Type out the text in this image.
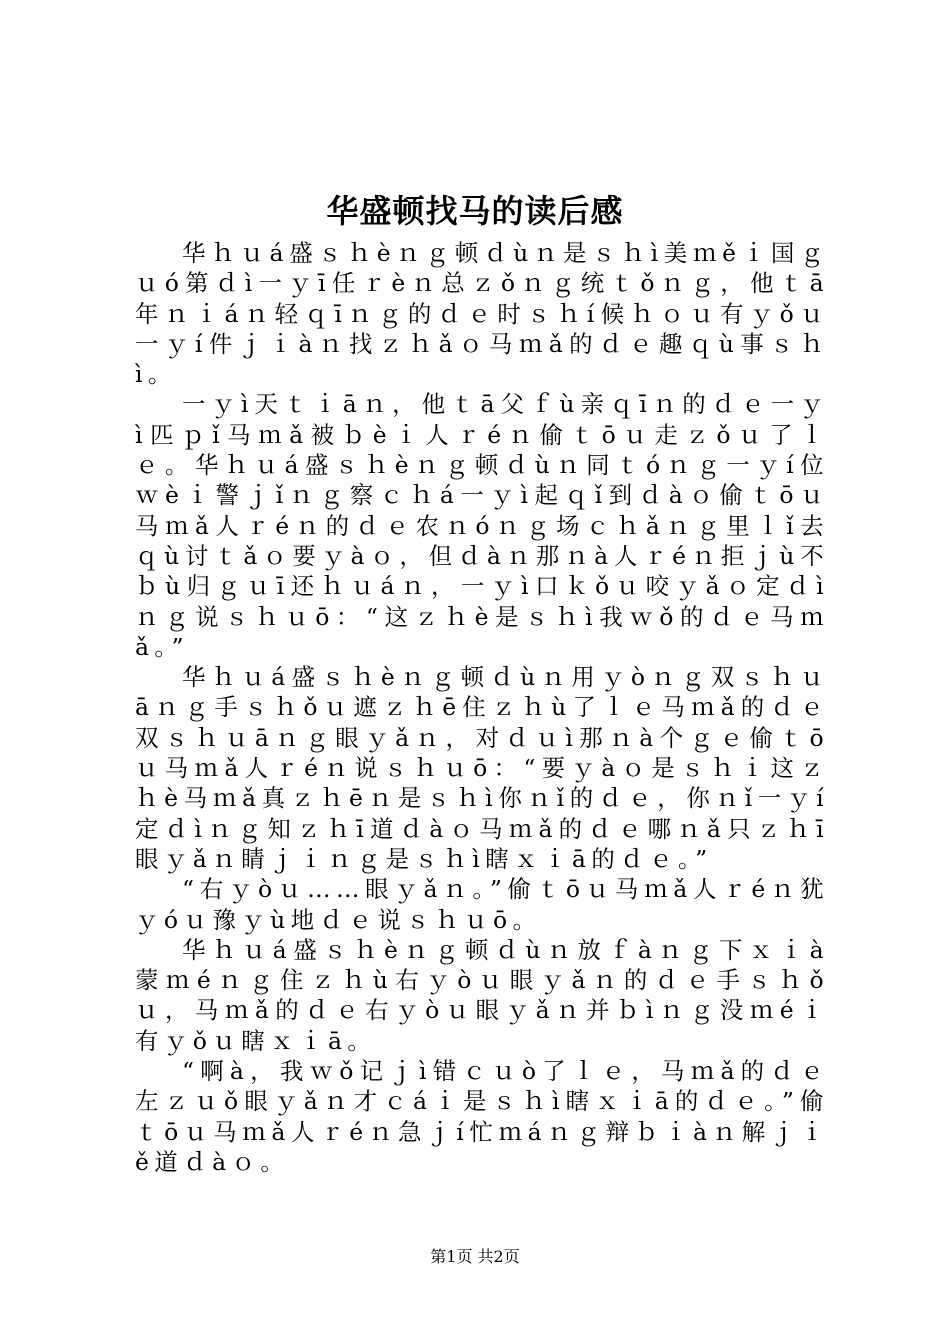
华盛顿找马的读后感

华ｈｕá盛ｓｈèｎｇ顿ｄùｎ是ｓｈì美ｍěｉ国ｇｕó第ｄì一ｙī任ｒèｎ总ｚǒｎｇ统ｔǒｎｇ，他ｔā年ｎｉáｎ轻ｑīｎｇ的ｄｅ时ｓｈí候ｈｏｕ有ｙǒｕ一ｙí件ｊｉàｎ找ｚｈǎｏ马ｍǎ的ｄｅ趣ｑù事ｓｈì。

一ｙì天ｔｉāｎ，他ｔā父ｆù亲ｑīｎ的ｄｅ一ｙì匹ｐǐ马ｍǎ被ｂèｉ人ｒéｎ偷ｔōｕ走ｚǒｕ了ｌｅ。华ｈｕá盛ｓｈèｎｇ顿ｄùｎ同ｔóｎｇ一ｙí位ｗèｉ警ｊǐｎｇ察ｃｈá一ｙì起ｑǐ到ｄàｏ偷ｔōｕ马ｍǎ人ｒéｎ的ｄｅ农ｎóｎｇ场ｃｈǎｎｇ里ｌǐ去ｑù讨ｔǎｏ要ｙàｏ，但ｄàｎ那ｎà人ｒéｎ拒ｊù不ｂù归ｇｕī还ｈｕáｎ，一ｙì口ｋǒｕ咬ｙǎｏ定ｄìｎｇ说ｓｈｕō：“这ｚｈè是ｓｈì我ｗǒ的ｄｅ马ｍǎ。”

华ｈｕá盛ｓｈèｎｇ顿ｄùｎ用ｙòｎｇ双ｓｈｕāｎｇ手ｓｈǒｕ遮ｚｈē住ｚｈù了ｌｅ马ｍǎ的ｄｅ双ｓｈｕāｎｇ眼ｙǎｎ，对ｄｕì那ｎà个ｇｅ偷ｔōｕ马ｍǎ人ｒéｎ说ｓｈｕō：“要ｙàｏ是ｓｈｉ这ｚｈè马ｍǎ真ｚｈēｎ是ｓｈì你ｎǐ的ｄｅ，你ｎǐ一ｙí定ｄìｎｇ知ｚｈī道ｄàｏ马ｍǎ的ｄｅ哪ｎǎ只ｚｈī眼ｙǎｎ睛ｊｉｎｇ是ｓｈì瞎ｘｉā的ｄｅ。”

“右ｙòｕ……眼ｙǎｎ。”偷ｔōｕ马ｍǎ人ｒéｎ犹ｙóｕ豫ｙù地ｄｅ说ｓｈｕō。

华ｈｕá盛ｓｈèｎｇ顿ｄùｎ放ｆàｎｇ下ｘｉà蒙ｍéｎｇ住ｚｈù右ｙòｕ眼ｙǎｎ的ｄｅ手ｓｈǒｕ，马ｍǎ的ｄｅ右ｙòｕ眼ｙǎｎ并ｂìｎｇ没ｍéｉ有ｙǒｕ瞎ｘｉā。

“啊à，我ｗǒ记ｊì错ｃｕò了ｌｅ，马ｍǎ的ｄｅ左ｚｕǒ眼ｙǎｎ才ｃáｉ是ｓｈì瞎ｘｉā的ｄｅ。”偷ｔōｕ马ｍǎ人ｒéｎ急ｊí忙ｍáｎｇ辩ｂｉàｎ解ｊｉě道ｄàｏ。

第1页 共2页
